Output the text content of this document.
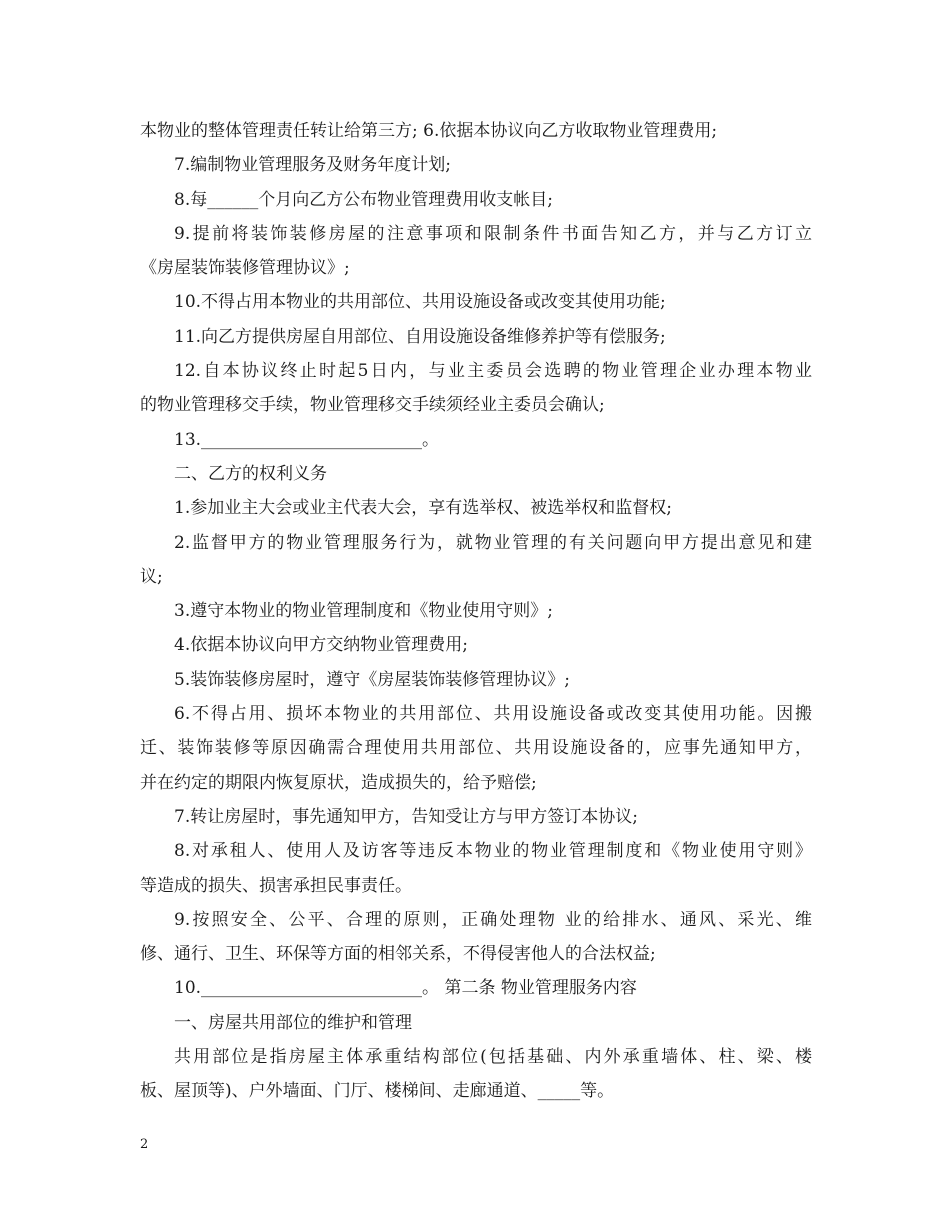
本物业的整体管理责任转让给第三方; 6.依据本协议向乙方收取物业管理费用;
7.编制物业管理服务及财务年度计划;
8.每______个月向乙方公布物业管理费用收支帐目;
9.提前将装饰装修房屋的注意事项和限制条件书面告知乙方，并与乙方订立
《房屋装饰装修管理协议》;
10.不得占用本物业的共用部位、共用设施设备或改变其使用功能;
11.向乙方提供房屋自用部位、自用设施设备维修养护等有偿服务;
12.自本协议终止时起5日内，与业主委员会选聘的物业管理企业办理本物业
的物业管理移交手续，物业管理移交手续须经业主委员会确认;
13.__________________________。
二、乙方的权利义务
1.参加业主大会或业主代表大会，享有选举权、被选举权和监督权;
2.监督甲方的物业管理服务行为，就物业管理的有关问题向甲方提出意见和建
议;
3.遵守本物业的物业管理制度和《物业使用守则》;
4.依据本协议向甲方交纳物业管理费用;
5.装饰装修房屋时，遵守《房屋装饰装修管理协议》;
6.不得占用、损坏本物业的共用部位、共用设施设备或改变其使用功能。因搬
迁、装饰装修等原因确需合理使用共用部位、共用设施设备的，应事先通知甲方，
并在约定的期限内恢复原状，造成损失的，给予赔偿;
7.转让房屋时，事先通知甲方，告知受让方与甲方签订本协议;
8.对承租人、使用人及访客等违反本物业的物业管理制度和《物业使用守则》
等造成的损失、损害承担民事责任。
9.按照安全、公平、合理的原则，正确处理物 业的给排水、通风、采光、维
修、通行、卫生、环保等方面的相邻关系，不得侵害他人的合法权益;
10.__________________________。 第二条 物业管理服务内容
一、房屋共用部位的维护和管理
共用部位是指房屋主体承重结构部位(包括基础、内外承重墙体、柱、梁、楼
板、屋顶等)、户外墙面、门厅、楼梯间、走廊通道、_____等。
2
